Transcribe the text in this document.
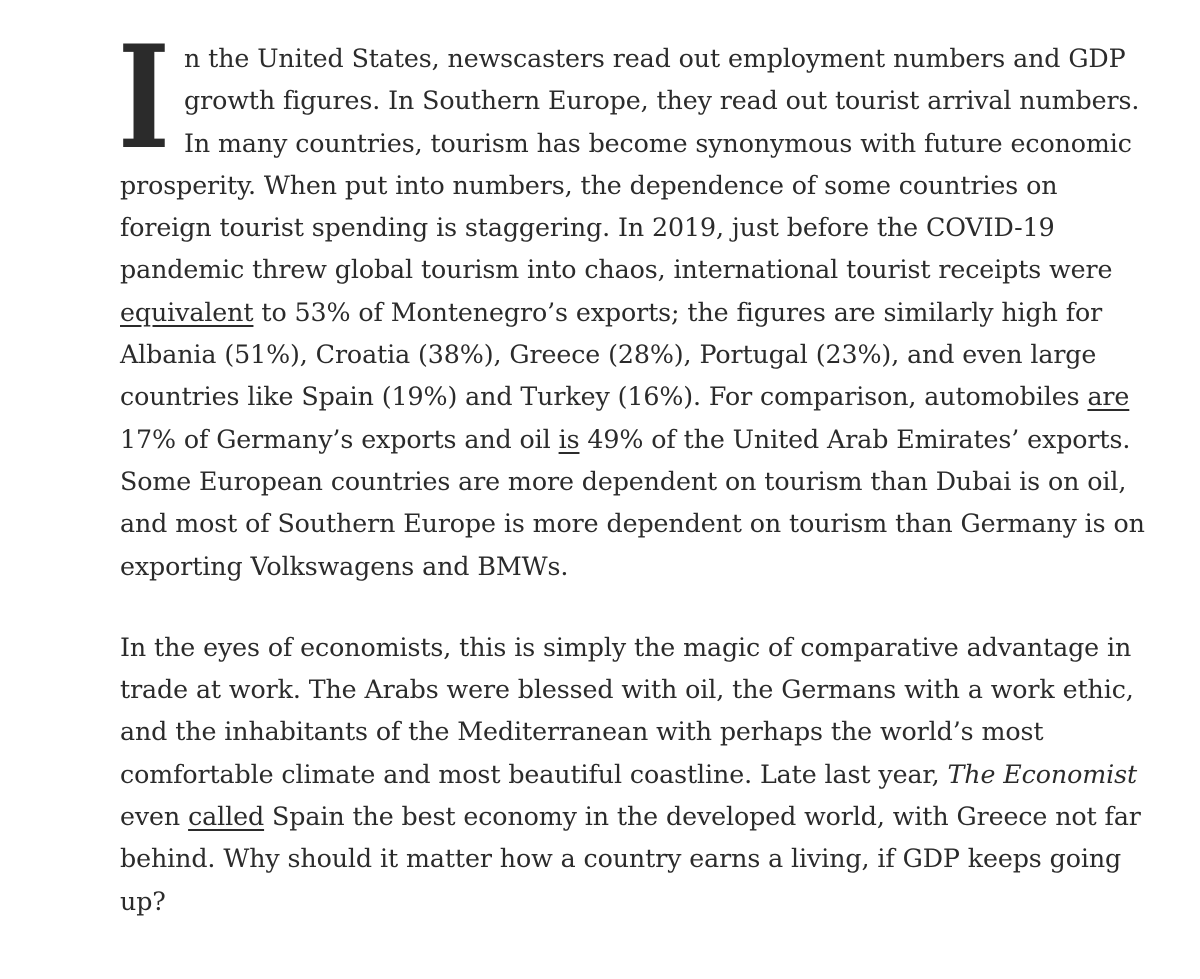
In the United States, newscasters read out employment numbers and GDP growth figures. In Southern Europe, they read out tourist arrival numbers. In many countries, tourism has become synonymous with future economic prosperity. When put into numbers, the dependence of some countries on foreign tourist spending is staggering. In 2019, just before the COVID-19 pandemic threw global tourism into chaos, international tourist receipts were equivalent to 53% of Montenegro’s exports; the figures are similarly high for Albania (51%), Croatia (38%), Greece (28%), Portugal (23%), and even large countries like Spain (19%) and Turkey (16%). For comparison, automobiles are 17% of Germany’s exports and oil is 49% of the United Arab Emirates’ exports. Some European countries are more dependent on tourism than Dubai is on oil, and most of Southern Europe is more dependent on tourism than Germany is on exporting Volkswagens and BMWs.

In the eyes of economists, this is simply the magic of comparative advantage in trade at work. The Arabs were blessed with oil, the Germans with a work ethic, and the inhabitants of the Mediterranean with perhaps the world’s most comfortable climate and most beautiful coastline. Late last year, The Economist even called Spain the best economy in the developed world, with Greece not far behind. Why should it matter how a country earns a living, if GDP keeps going up?
